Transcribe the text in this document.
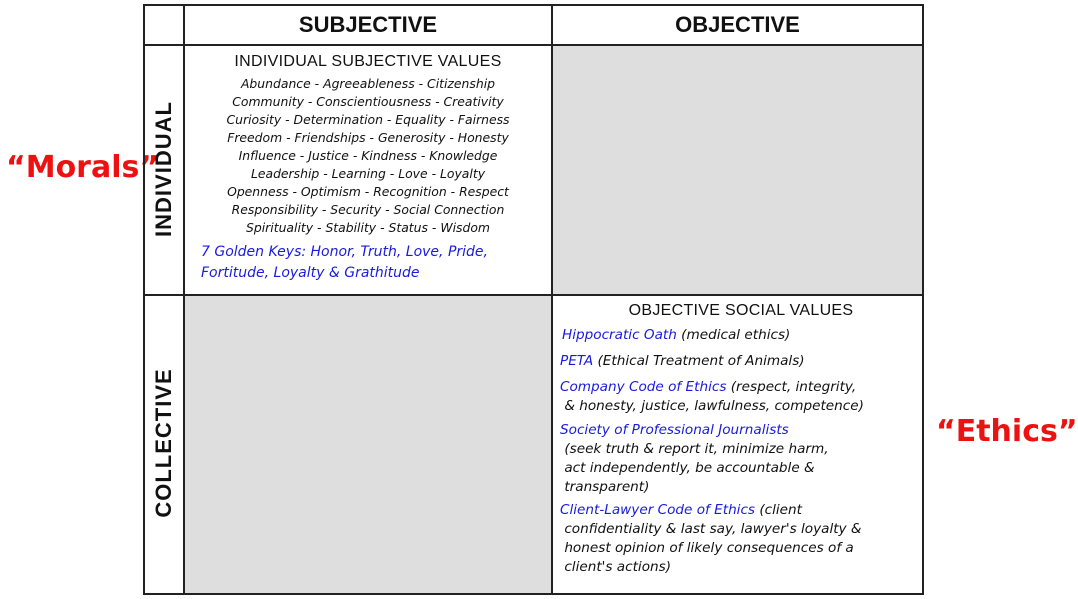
“Morals”
“Ethics”
SUBJECTIVE	OBJECTIVE
INDIVIDUAL
COLLECTIVE
INDIVIDUAL SUBJECTIVE VALUES
Abundance - Agreeableness - Citizenship
Community - Conscientiousness - Creativity
Curiosity - Determination - Equality - Fairness
Freedom - Friendships - Generosity - Honesty
Influence - Justice - Kindness - Knowledge
Leadership - Learning - Love - Loyalty
Openness - Optimism - Recognition - Respect
Responsibility - Security - Social Connection
Spirituality - Stability - Status - Wisdom
7 Golden Keys: Honor, Truth, Love, Pride,
Fortitude, Loyalty & Grathitude
OBJECTIVE SOCIAL VALUES
Hippocratic Oath (medical ethics)
PETA (Ethical Treatment of Animals)
Company Code of Ethics (respect, integrity,
& honesty, justice, lawfulness, competence)
Society of Professional Journalists
(seek truth & report it, minimize harm,
act independently, be accountable &
transparent)
Client-Lawyer Code of Ethics (client
confidentiality & last say, lawyer's loyalty &
honest opinion of likely consequences of a
client's actions)
